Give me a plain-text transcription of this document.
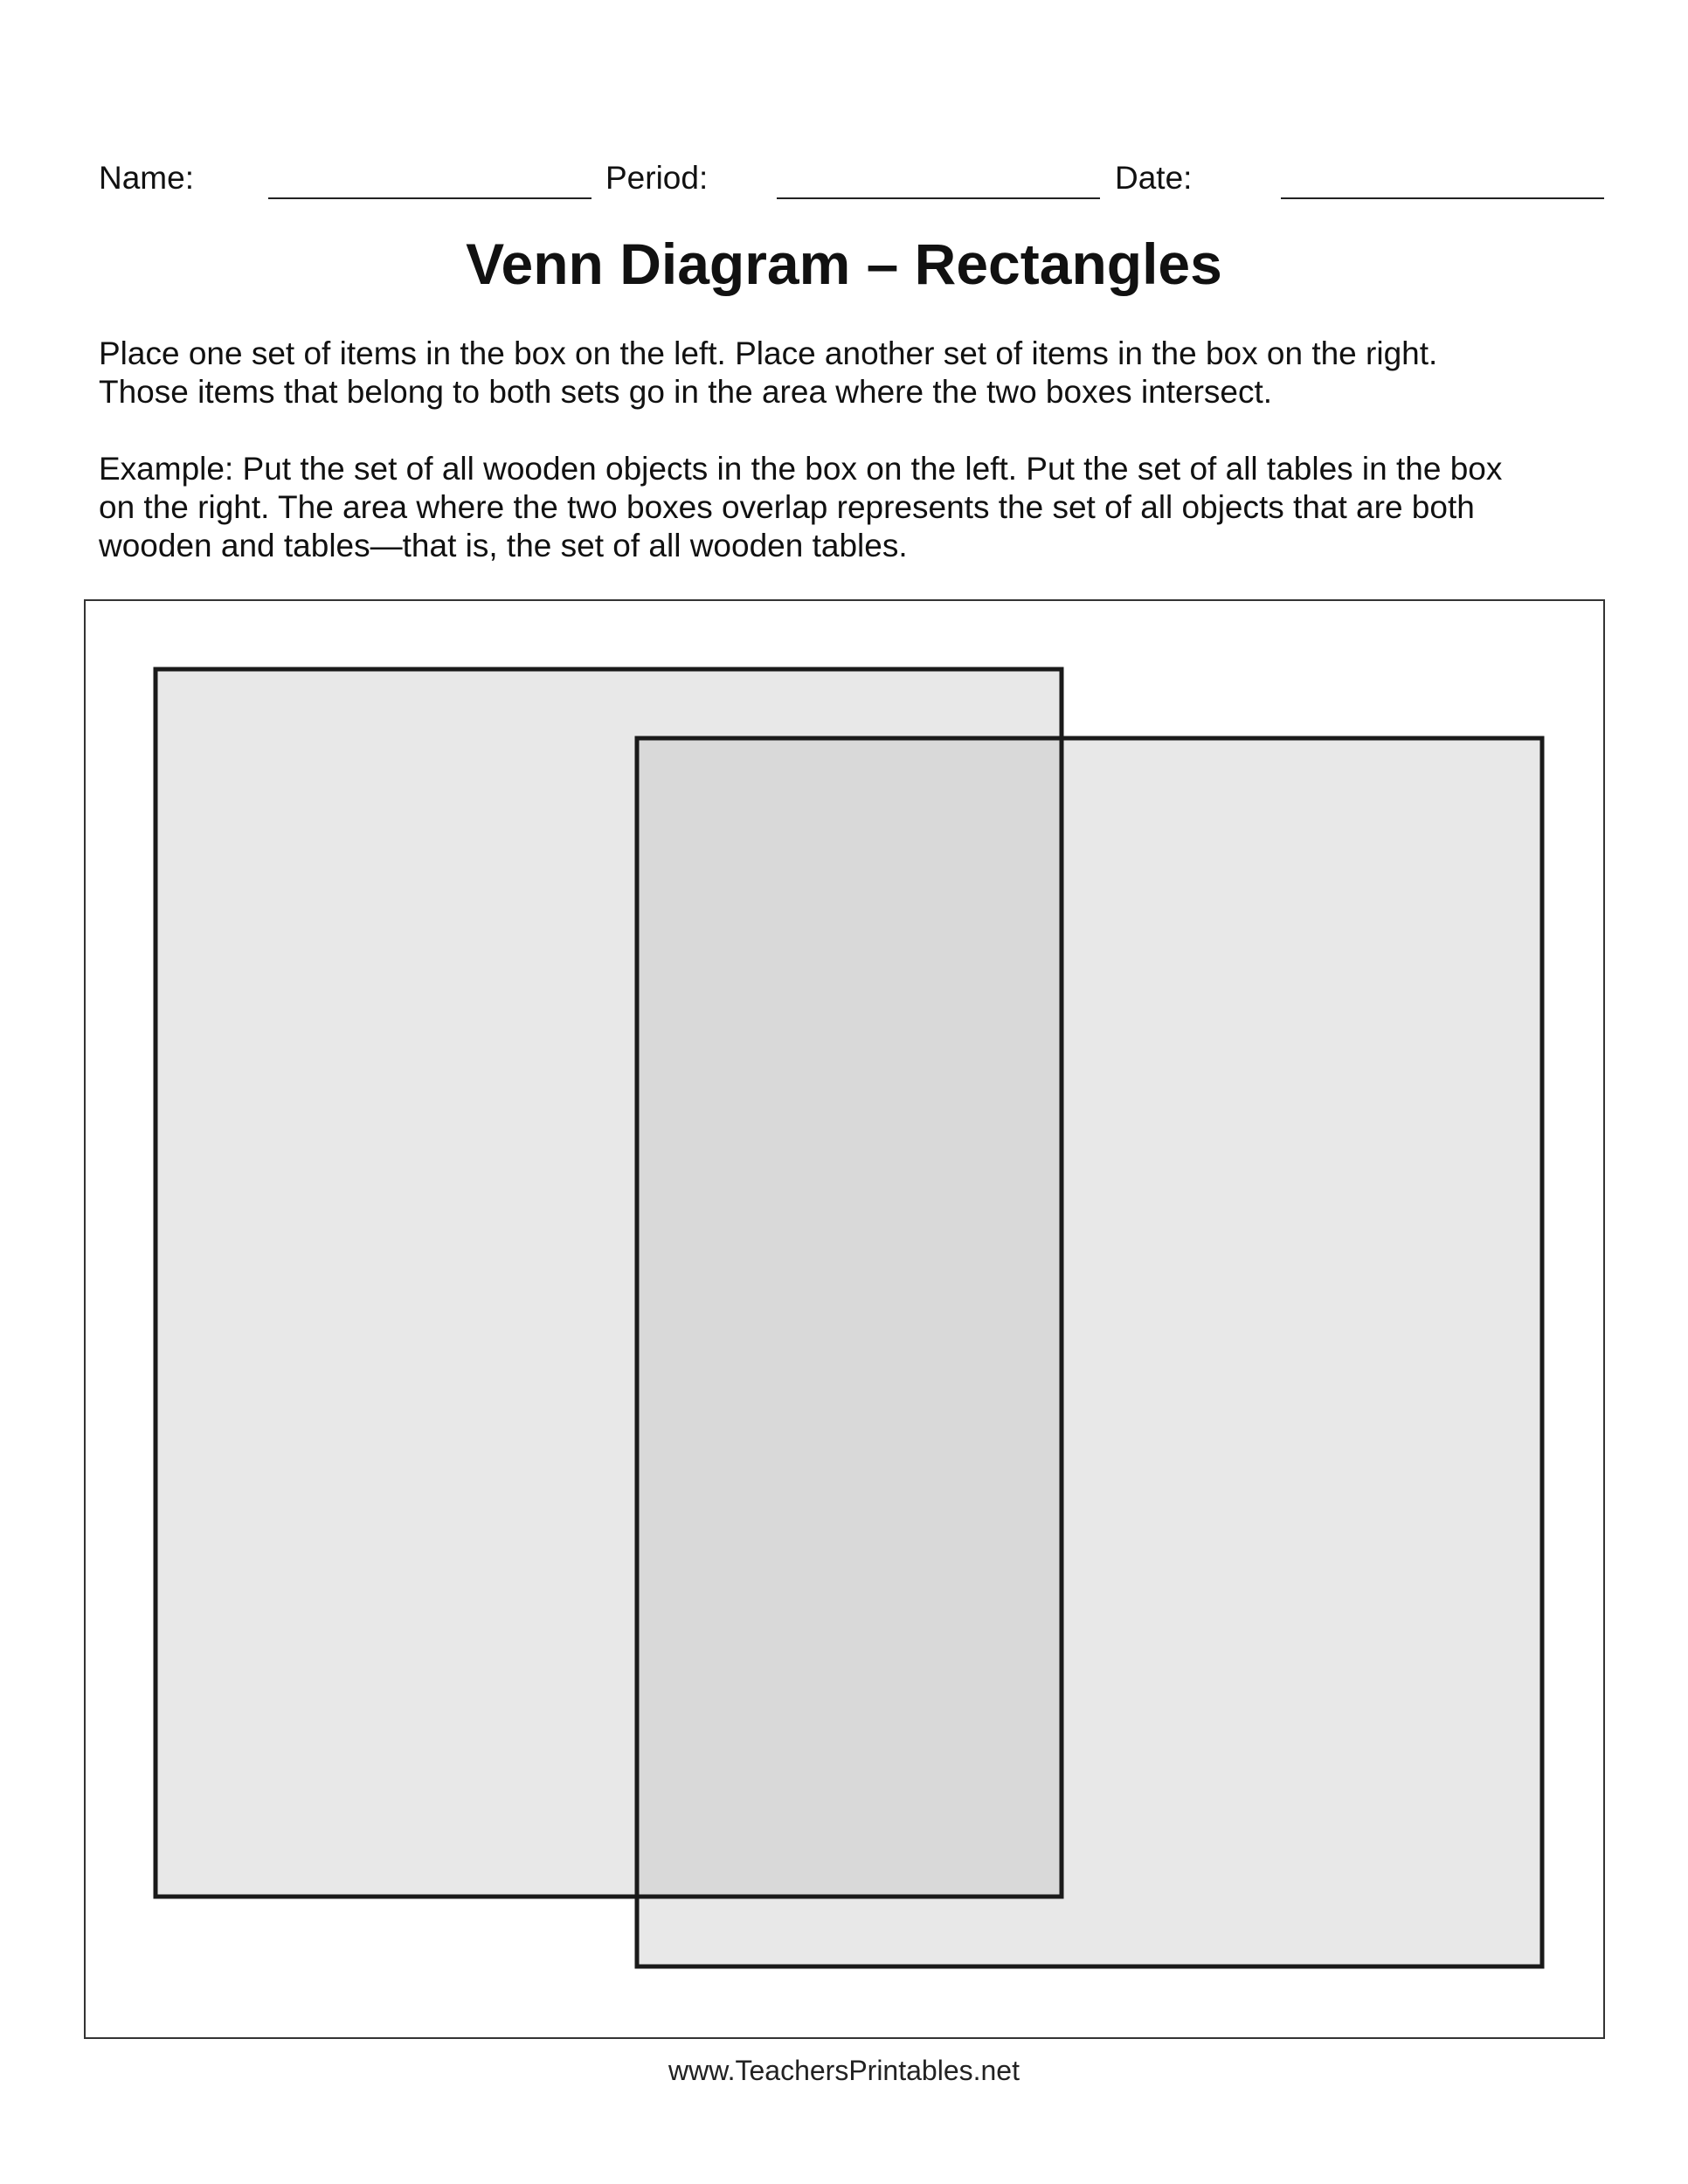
Name:	Period:	Date:
Venn Diagram – Rectangles
Place one set of items in the box on the left. Place another set of items in the box on the right.
Those items that belong to both sets go in the area where the two boxes intersect.
Example: Put the set of all wooden objects in the box on the left. Put the set of all tables in the box
on the right. The area where the two boxes overlap represents the set of all objects that are both
wooden and tables—that is, the set of all wooden tables.
www.TeachersPrintables.net
